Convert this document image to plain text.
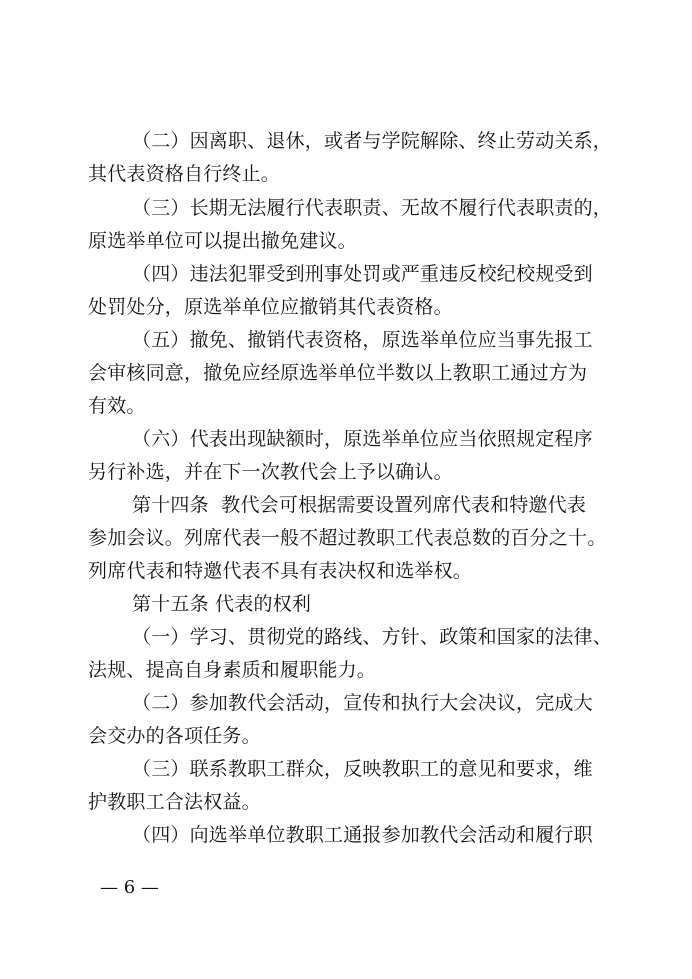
（二）因离职、退休，或者与学院解除、终止劳动关系，
其代表资格自行终止。
（三）长期无法履行代表职责、无故不履行代表职责的，
原选举单位可以提出撤免建议。
（四）违法犯罪受到刑事处罚或严重违反校纪校规受到
处罚处分，原选举单位应撤销其代表资格。
（五）撤免、撤销代表资格，原选举单位应当事先报工
会审核同意，撤免应经原选举单位半数以上教职工通过方为
有效。
（六）代表出现缺额时，原选举单位应当依照规定程序
另行补选，并在下一次教代会上予以确认。
第十四条  教代会可根据需要设置列席代表和特邀代表
参加会议。列席代表一般不超过教职工代表总数的百分之十。
列席代表和特邀代表不具有表决权和选举权。
第十五条 代表的权利
（一）学习、贯彻党的路线、方针、政策和国家的法律、
法规、提高自身素质和履职能力。
（二）参加教代会活动，宣传和执行大会决议，完成大
会交办的各项任务。
（三）联系教职工群众，反映教职工的意见和要求，维
护教职工合法权益。
（四）向选举单位教职工通报参加教代会活动和履行职
— 6 —
